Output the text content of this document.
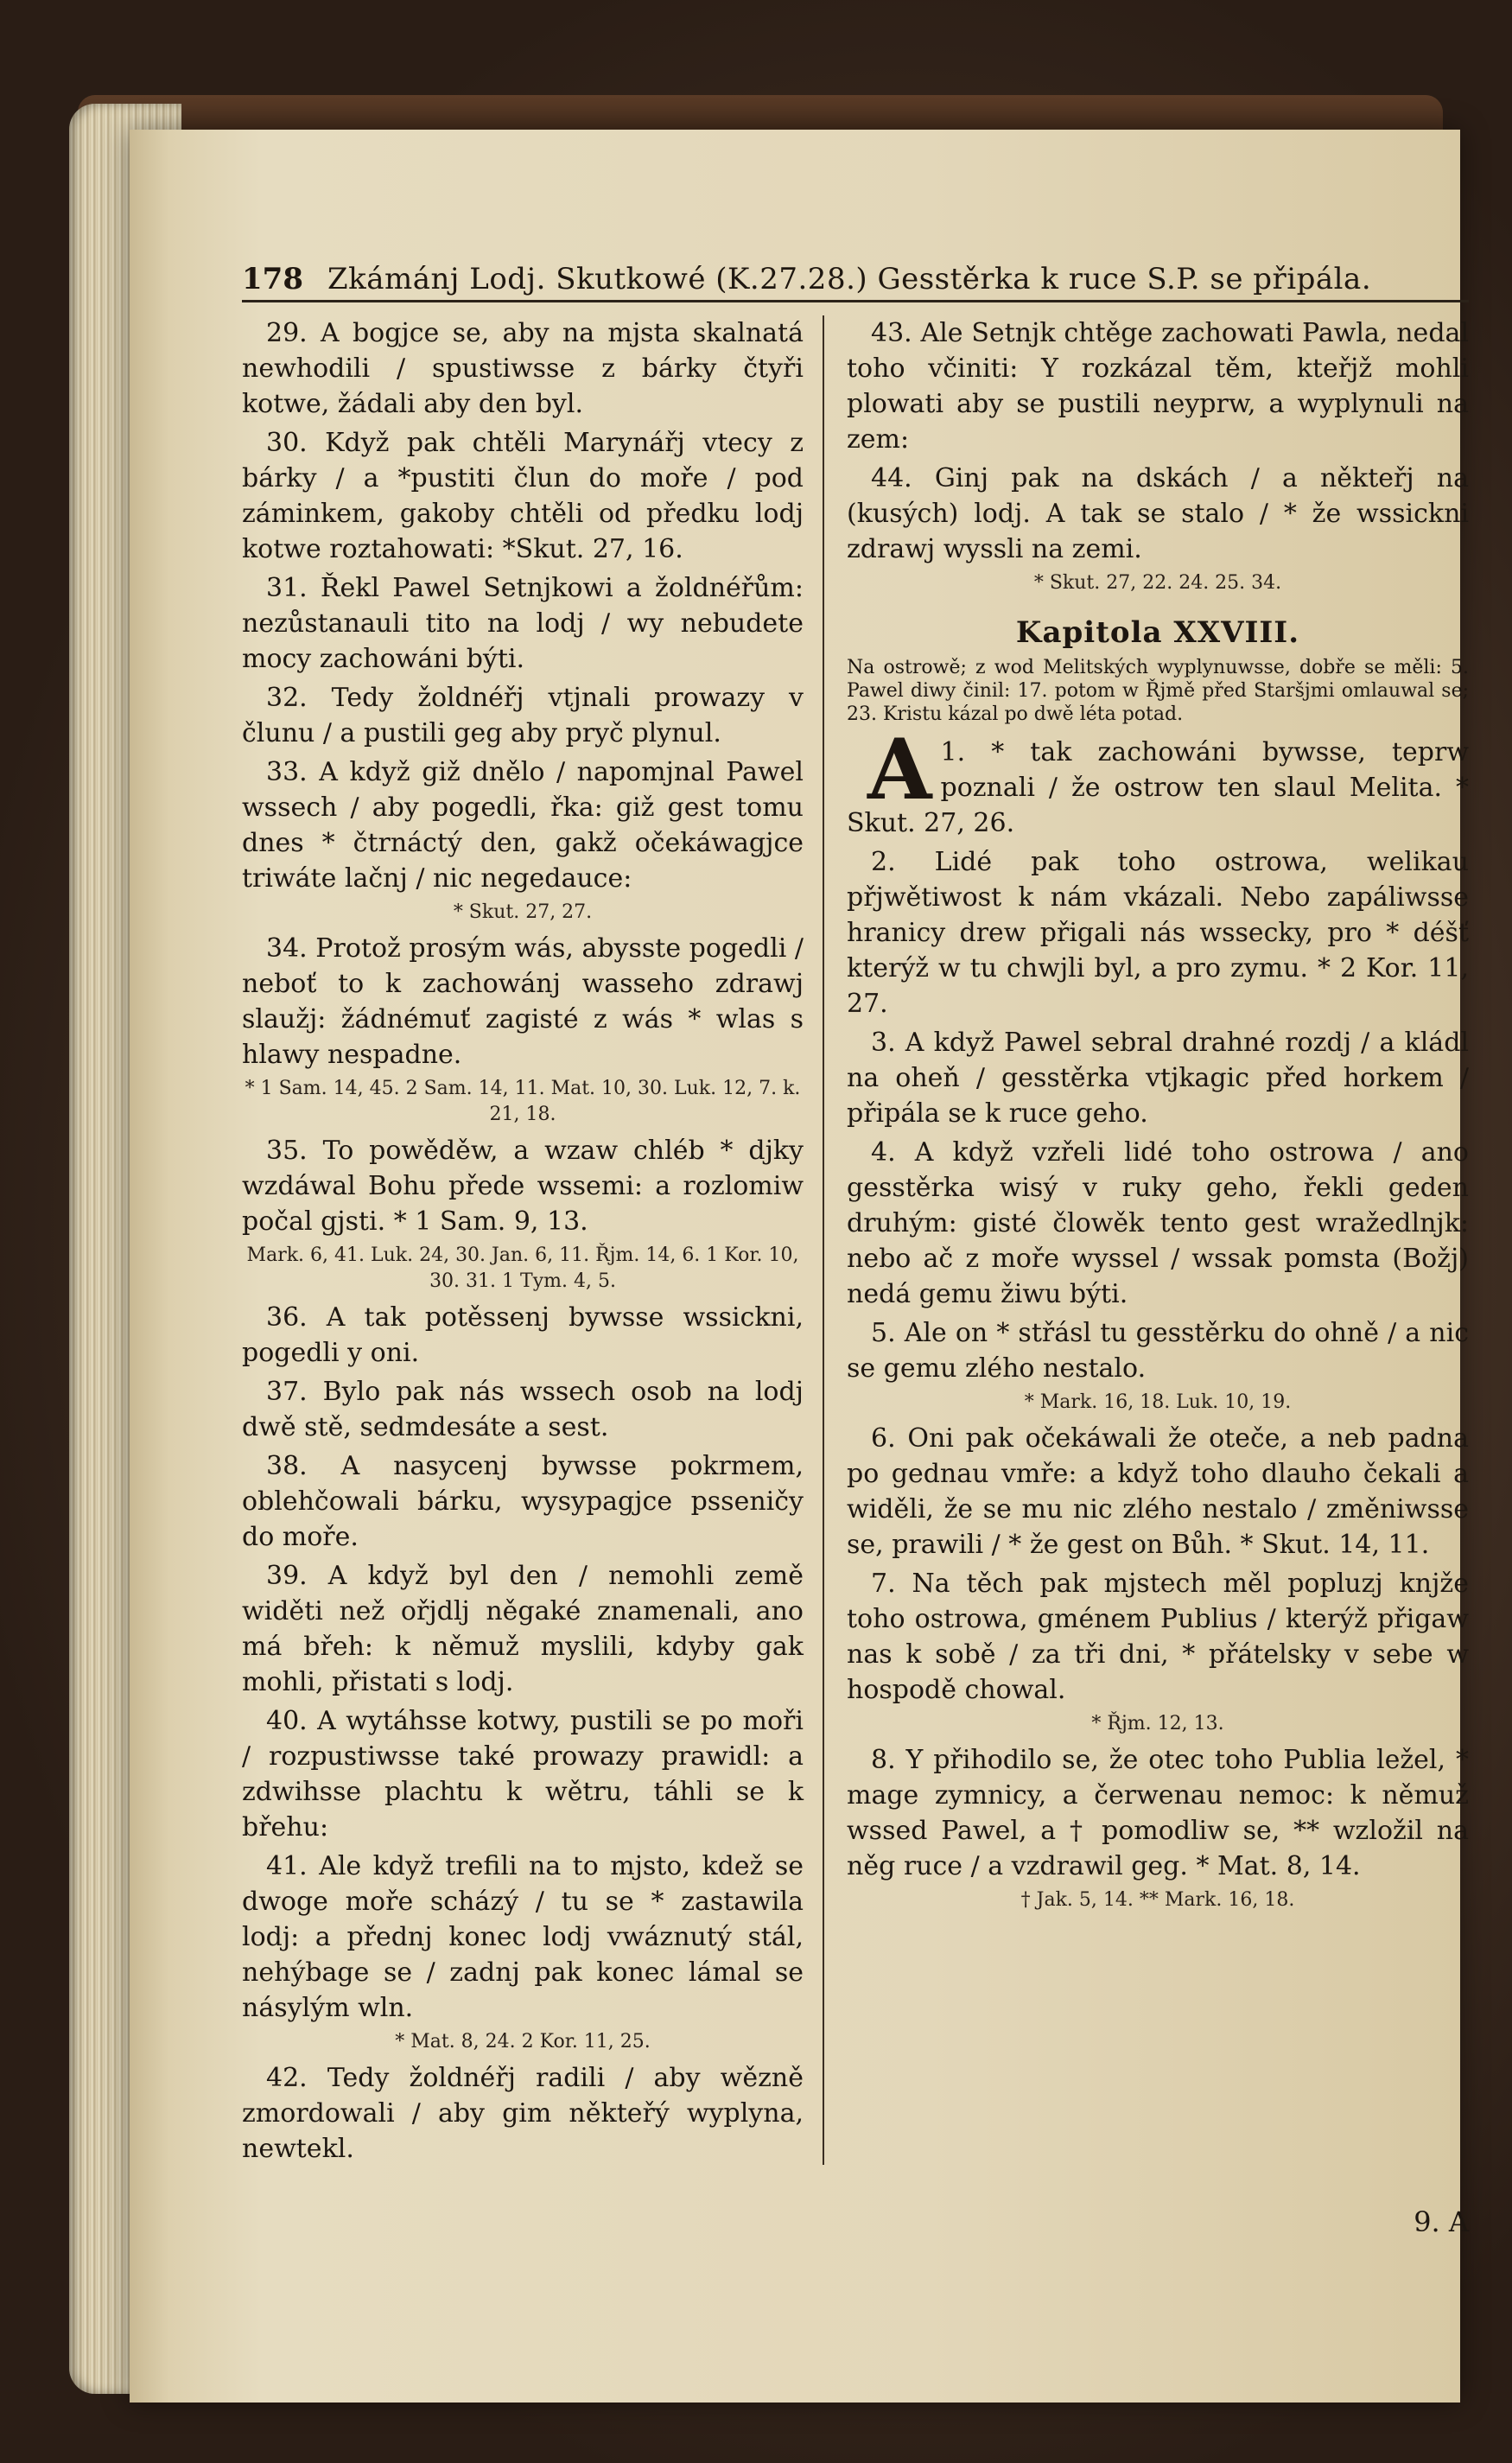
178 Zkámánj Lodj. Skutkowé (K.27.28.) Gesstěrka k ruce S.P. se připála.

29. A bogjce se, aby na mjsta skalnatá newhodili / spustiwsse z bárky čtyři kotwe, žádali aby den byl.

30. Když pak chtěli Marynářj vtecy z bárky / a *pustiti člun do moře / pod záminkem, gakoby chtěli od předku lodj kotwe roztahowati: *Skut. 27, 16.

31. Řekl Pawel Setnjkowi a žoldnéřům: nezůstanauli tito na lodj / wy nebudete mocy zachowáni býti.

32. Tedy žoldnéřj vtjnali prowazy v člunu / a pustili geg aby pryč plynul.

33. A když giž dnělo / napomjnal Pawel wssech / aby pogedli, řka: giž gest tomu dnes * čtrnáctý den, gakž očekáwagjce triwáte lačnj / nic negedauce:

* Skut. 27, 27.

34. Protož prosým wás, abysste pogedli / neboť to k zachowánj wasseho zdrawj slaužj: žádnémuť zagisté z wás * wlas s hlawy nespadne.

* 1 Sam. 14, 45. 2 Sam. 14, 11. Mat. 10, 30. Luk. 12, 7. k. 21, 18.

35. To powěděw, a wzaw chléb * djky wzdáwal Bohu přede wssemi: a rozlomiw počal gjsti. * 1 Sam. 9, 13.

Mark. 6, 41. Luk. 24, 30. Jan. 6, 11. Řjm. 14, 6. 1 Kor. 10, 30. 31. 1 Tym. 4, 5.

36. A tak potěssenj bywsse wssickni, pogedli y oni.

37. Bylo pak nás wssech osob na lodj dwě stě, sedmdesáte a sest.

38. A nasycenj bywsse pokrmem, oblehčowali bárku, wysypagjce psseničy do moře.

39. A když byl den / nemohli země widěti než ořjdlj něgaké znamenali, ano má břeh: k němuž myslili, kdyby gak mohli, přistati s lodj.

40. A wytáhsse kotwy, pustili se po moři / rozpustiwsse také prowazy prawidl: a zdwihsse plachtu k wětru, táhli se k břehu:

41. Ale když trefili na to mjsto, kdež se dwoge moře scházý / tu se * zastawila lodj: a přednj konec lodj vwáznutý stál, nehýbage se / zadnj pak konec lámal se násylým wln.

* Mat. 8, 24. 2 Kor. 11, 25.

42. Tedy žoldnéřj radili / aby wězně zmordowali / aby gim někteřý wyplyna, newtekl.

43. Ale Setnjk chtěge zachowati Pawla, nedal toho včiniti: Y rozkázal těm, kteřjž mohli plowati aby se pustili neyprw, a wyplynuli na zem:

44. Ginj pak na dskách / a někteřj na (kusých) lodj. A tak se stalo / * že wssickni zdrawj wyssli na zemi.

* Skut. 27, 22. 24. 25. 34.

Kapitola XXVIII.
Na ostrowě; z wod Melitských wyplynuwsse, dobře se měli: 5. Pawel diwy činil: 17. potom w Řjmě před Staršjmi omlauwal se; 23. Kristu kázal po dwě léta potad.

A 1. * tak zachowáni bywsse, teprw poznali / že ostrow ten slaul Melita. * Skut. 27, 26.

2. Lidé pak toho ostrowa, welikau přjwětiwost k nám vkázali. Nebo zapáliwsse hranicy drew přigali nás wssecky, pro * déšť kterýž w tu chwjli byl, a pro zymu. * 2 Kor. 11, 27.

3. A když Pawel sebral drahné rozdj / a kládl na oheň / gesstěrka vtjkagic před horkem / připála se k ruce geho.

4. A když vzřeli lidé toho ostrowa / ano gesstěrka wisý v ruky geho, řekli geden druhým: gisté člowěk tento gest wražedlnjk: nebo ač z moře wyssel / wssak pomsta (Božj) nedá gemu žiwu býti.

5. Ale on * střásl tu gesstěrku do ohně / a nic se gemu zlého nestalo.

* Mark. 16, 18. Luk. 10, 19.

6. Oni pak očekáwali že oteče, a neb padna po gednau vmře: a když toho dlauho čekali a widěli, že se mu nic zlého nestalo / změniwsse se, prawili / * že gest on Bůh. * Skut. 14, 11.

7. Na těch pak mjstech měl popluzj knjže toho ostrowa, gménem Publius / kterýž přigaw nas k sobě / za tři dni, * přátelsky v sebe w hospodě chowal.

* Řjm. 12, 13.

8. Y přihodilo se, že otec toho Publia ležel, * mage zymnicy, a čerwenau nemoc: k němuž wssed Pawel, a † pomodliw se, ** wzložil na něg ruce / a vzdrawil geg. * Mat. 8, 14.

† Jak. 5, 14. ** Mark. 16, 18.

9. A
